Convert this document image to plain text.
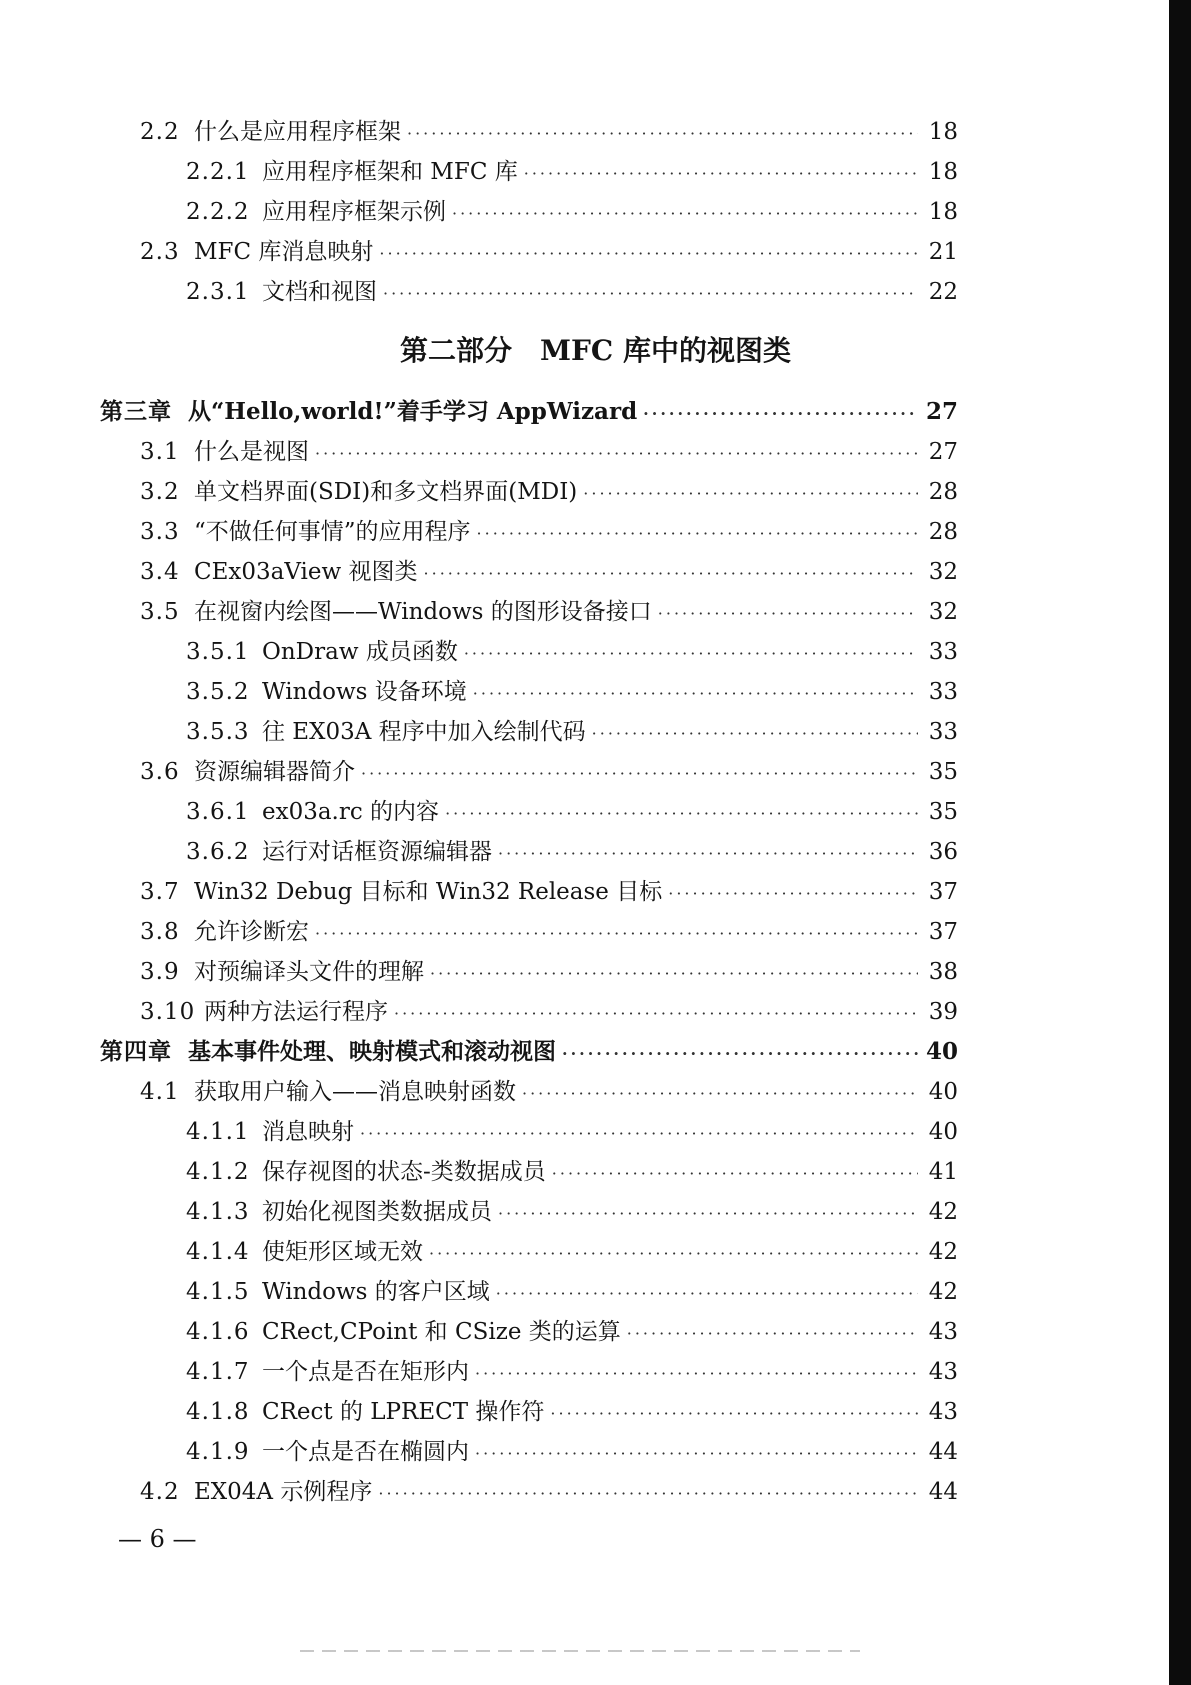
2.2 什么是应用程序框架 ·····	18
2.2.1 应用程序框架和 MFC 库 ·····	18
2.2.2 应用程序框架示例 ·····	18
2.3 MFC 库消息映射 ·····	21
2.3.1 文档和视图 ·····	22
第二部分 MFC 库中的视图类
第三章 从“Hello,world!”着手学习 AppWizard ·····	27
3.1 什么是视图 ·····	27
3.2 单文档界面(SDI)和多文档界面(MDI) ·····	28
3.3 “不做任何事情”的应用程序 ·····	28
3.4 CEx03aView 视图类 ·····	32
3.5 在视窗内绘图——Windows 的图形设备接口 ·····	32
3.5.1 OnDraw 成员函数 ·····	33
3.5.2 Windows 设备环境 ·····	33
3.5.3 往 EX03A 程序中加入绘制代码 ·····	33
3.6 资源编辑器简介 ·····	35
3.6.1 ex03a.rc 的内容 ·····	35
3.6.2 运行对话框资源编辑器 ·····	36
3.7 Win32 Debug 目标和 Win32 Release 目标 ·····	37
3.8 允许诊断宏 ·····	37
3.9 对预编译头文件的理解 ·····	38
3.10 两种方法运行程序 ·····	39
第四章 基本事件处理、映射模式和滚动视图 ·····	40
4.1 获取用户输入——消息映射函数 ·····	40
4.1.1 消息映射 ·····	40
4.1.2 保存视图的状态-类数据成员 ·····	41
4.1.3 初始化视图类数据成员 ·····	42
4.1.4 使矩形区域无效 ·····	42
4.1.5 Windows 的客户区域 ·····	42
4.1.6 CRect,CPoint 和 CSize 类的运算 ·····	43
4.1.7 一个点是否在矩形内 ·····	43
4.1.8 CRect 的 LPRECT 操作符 ·····	43
4.1.9 一个点是否在椭圆内 ·····	44
4.2 EX04A 示例程序 ·····	44
— 6 —
